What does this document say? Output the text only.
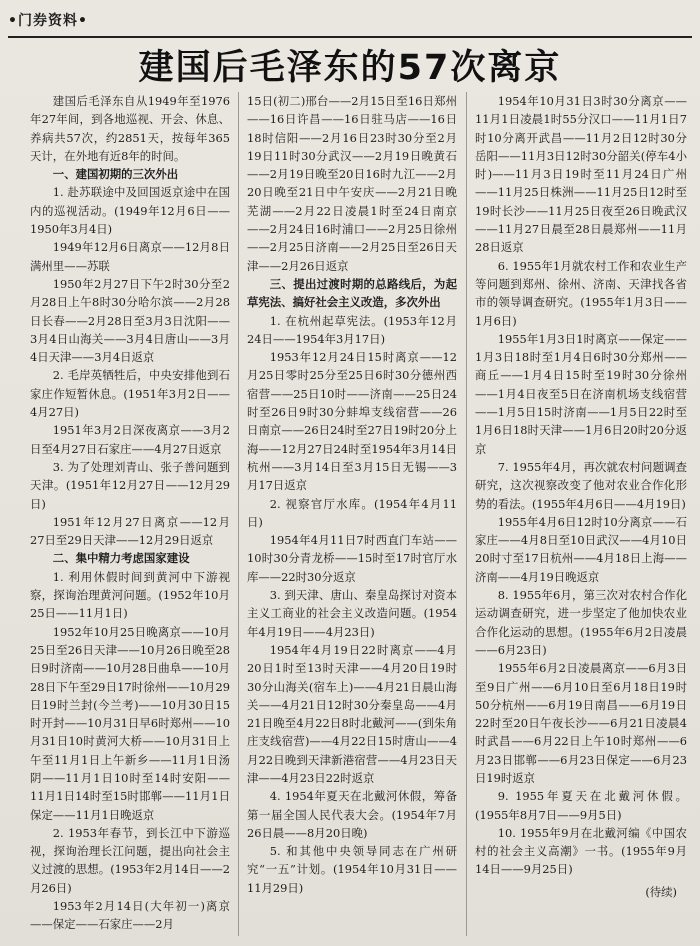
•门券资料•
建国后毛泽东的57次离京

建国后毛泽东自从1949年至1976年27年间，到各地巡视、开会、休息、养病共57次，约2851天，按每年365天计，在外地有近8年的时间。

一、建国初期的三次外出

1. 赴苏联途中及回国返京途中在国内的巡视活动。(1949年12月6日——1950年3月4日)

1949年12月6日离京——12月8日满州里——苏联

1950年2月27日下午2时30分至2月28日上午8时30分哈尔滨——2月28日长春——2月28日至3月3日沈阳——3月4日山海关——3月4日唐山——3月4日天津——3月4日返京

2. 毛岸英牺牲后，中央安排他到石家庄作短暂休息。(1951年3月2日——4月27日)

1951年3月2日深夜离京——3月2日至4月27日石家庄——4月27日返京

3. 为了处理刘青山、张子善问题到天津。(1951年12月27日——12月29日)

1951年12月27日离京——12月27日至29日天津——12月29日返京

二、集中精力考虑国家建设

1. 利用休假时间到黄河中下游视察，探询治理黄河问题。(1952年10月25日——11月1日)

1952年10月25日晚离京——10月25日至26日天津——10月26日晚至28日9时济南——10月28日曲阜——10月28日下午至29日17时徐州——10月29日19时兰封(今兰考)——10月30日15时开封——10月31日早6时郑州——10月31日10时黄河大桥——10月31日上午至11月1日上午新乡——11月1日汤阴——11月1日10时至14时安阳——11月1日14时至15时邯郸——11月1日保定——11月1日晚返京

2. 1953年春节，到长江中下游巡视，探询治理长江问题，提出向社会主义过渡的思想。(1953年2月14日——2月26日)

1953年2月14日(大年初一)离京——保定——石家庄——2月

15日(初二)邢台——2月15日至16日郑州——16日许昌——16日驻马店——16日18时信阳——2月16日23时30分至2月19日11时30分武汉——2月19日晚黄石——2月19日晚至20日16时九江——2月20日晚至21日中午安庆——2月21日晚芜湖——2月22日凌晨1时至24日南京——2月24日16时浦口——2月25日徐州——2月25日济南——2月25日至26日天津——2月26日返京

三、提出过渡时期的总路线后，为起草宪法、搞好社会主义改造，多次外出

1. 在杭州起草宪法。(1953年12月24日——1954年3月17日)

1953年12月24日15时离京——12月25日零时25分至25日6时30分德州西宿营——25日10时——济南——25日24时至26日9时30分蚌埠支线宿营——26日南京——26日24时至27日19时20分上海——12月27日24时至1954年3月14日杭州——3月14日至3月15日无锡——3月17日返京

2. 视察官厅水库。(1954年4月11日)

1954年4月11日7时西直门车站——10时30分青龙桥——15时至17时官厅水库——22时30分返京

3. 到天津、唐山、秦皇岛探讨对资本主义工商业的社会主义改造问题。(1954年4月19日——4月23日)

1954年4月19日22时离京——4月20日1时至13时天津——4月20日19时30分山海关(宿车上)——4月21日晨山海关——4月21日12时30分秦皇岛——4月21日晚至4月22日8时北戴河——(到朱角庄支线宿营)——4月22日15时唐山——4月22日晚到天津新港宿营——4月23日天津——4月23日22时返京

4. 1954年夏天在北戴河休假，筹备第一届全国人民代表大会。(1954年7月26日晨——8月20日晚)

5. 和其他中央领导同志在广州研究“一五”计划。(1954年10月31日——11月29日)

1954年10月31日3时30分离京——11月1日凌晨1时55分汉口——11月1日7时10分离开武昌——11月2日12时30分岳阳——11月3日12时30分韶关(停车4小时)——11月3日19时至11月24日广州——11月25日株洲——11月25日12时至19时长沙——11月25日夜至26日晚武汉——11月27日晨至28日晨郑州——11月28日返京

6. 1955年1月就农村工作和农业生产等问题到郑州、徐州、济南、天津找各省市的领导调查研究。(1955年1月3日——1月6日)

1955年1月3日1时离京——保定——1月3日18时至1月4日6时30分郑州——商丘——1月4日15时至19时30分徐州——1月4日夜至5日在济南机场支线宿营——1月5日15时济南——1月5日22时至1月6日18时天津——1月6日20时20分返京

7. 1955年4月，再次就农村问题调查研究，这次视察改变了他对农业合作化形势的看法。(1955年4月6日——4月19日)

1955年4月6日12时10分离京——石家庄——4月8日至10日武汉——4月10日20时寸至17日杭州——4月18日上海——济南——4月19日晚返京

8. 1955年6月，第三次对农村合作化运动调查研究，进一步坚定了他加快农业合作化运动的思想。(1955年6月2日凌晨——6月23日)

1955年6月2日凌晨离京——6月3日至9日广州——6月10日至6月18日19时50分杭州——6月19日南昌——6月19日22时至20日午夜长沙——6月21日凌晨4时武昌——6月22日上午10时郑州——6月23日邯郸——6月23日保定——6月23日19时返京

9. 1955年夏天在北戴河休假。(1955年8月7日——9月5日)

10. 1955年9月在北戴河编《中国农村的社会主义高潮》一书。(1955年9月14日——9月25日)

(待续)
